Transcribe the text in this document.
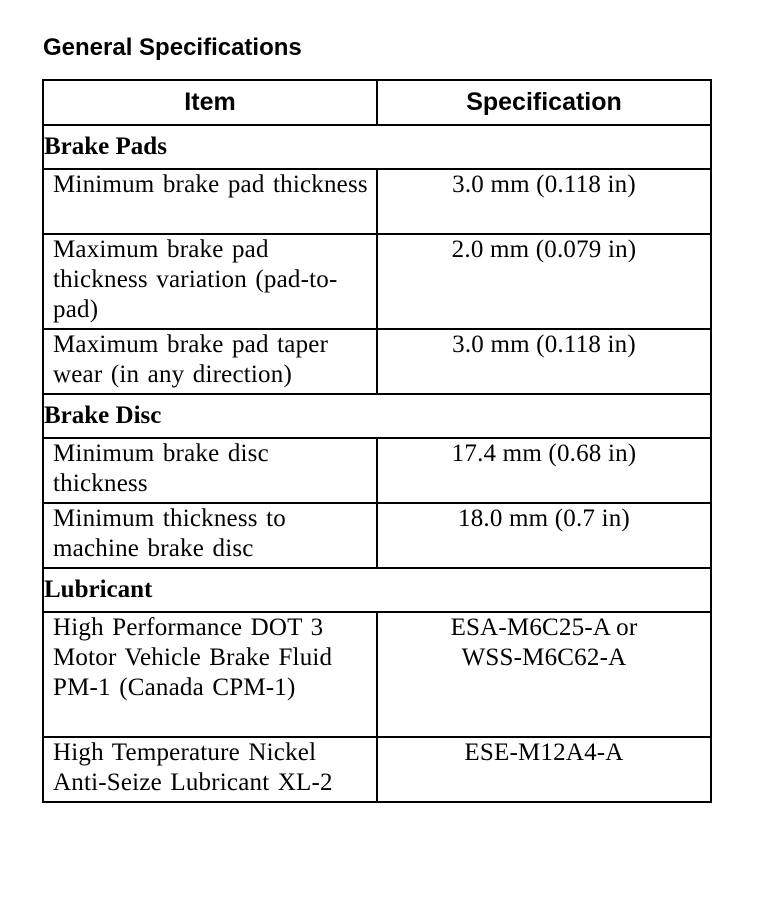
General Specifications
Item	Specification
Brake Pads	
Minimum brake pad thickness	3.0 mm (0.118 in)
Maximum brake pad thickness variation (pad-to-pad)	2.0 mm (0.079 in)
Maximum brake pad taper wear (in any direction)	3.0 mm (0.118 in)
Brake Disc	
Minimum brake disc thickness	17.4 mm (0.68 in)
Minimum thickness to machine brake disc	18.0 mm (0.7 in)
Lubricant	
High Performance DOT 3 Motor Vehicle Brake Fluid PM-1 (Canada CPM-1)	ESA-M6C25-A or WSS-M6C62-A
High Temperature Nickel Anti-Seize Lubricant XL-2	ESE-M12A4-A
